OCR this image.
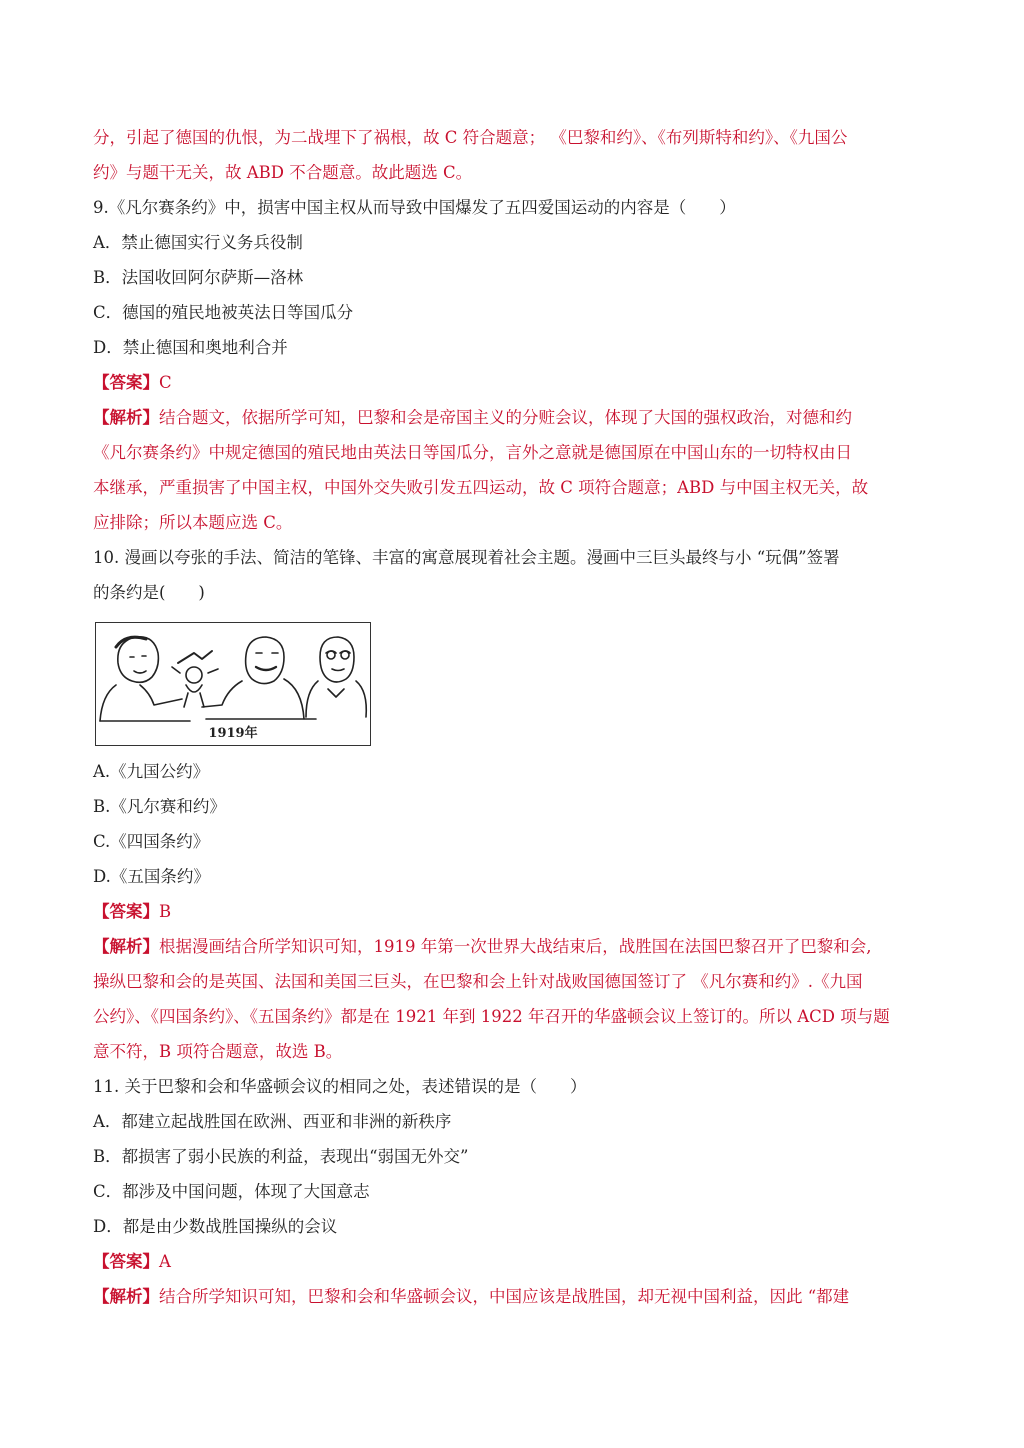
分，引起了德国的仇恨，为二战埋下了祸根，故 C 符合题意； 《巴黎和约》、《布列斯特和约》、《九国公
约》与题干无关，故 ABD 不合题意。故此题选 C。
9.《凡尔赛条约》中，损害中国主权从而导致中国爆发了五四爱国运动的内容是（　　）
A．禁止德国实行义务兵役制
B．法国收回阿尔萨斯—洛林
C．德国的殖民地被英法日等国瓜分
D．禁止德国和奥地利合并
【答案】C
【解析】结合题文，依据所学可知，巴黎和会是帝国主义的分赃会议，体现了大国的强权政治，对德和约
《凡尔赛条约》中规定德国的殖民地由英法日等国瓜分，言外之意就是德国原在中国山东的一切特权由日
本继承，严重损害了中国主权，中国外交失败引发五四运动，故 C 项符合题意；ABD 与中国主权无关，故
应排除；所以本题应选 C。
10. 漫画以夸张的手法、简洁的笔锋、丰富的寓意展现着社会主题。漫画中三巨头最终与小 “玩偶”签署
的条约是(　　)
1919年
A.《九国公约》
B.《凡尔赛和约》
C.《四国条约》
D.《五国条约》
【答案】B
【解析】根据漫画结合所学知识可知，1919 年第一次世界大战结束后，战胜国在法国巴黎召开了巴黎和会,
操纵巴黎和会的是英国、法国和美国三巨头，在巴黎和会上针对战败国德国签订了 《凡尔赛和约》.《九国
公约》、《四国条约》、《五国条约》都是在 1921 年到 1922 年召开的华盛顿会议上签订的。所以 ACD 项与题
意不符，B 项符合题意，故选 B。
11. 关于巴黎和会和华盛顿会议的相同之处，表述错误的是（　　）
A．都建立起战胜国在欧洲、西亚和非洲的新秩序
B．都损害了弱小民族的利益，表现出“弱国无外交”
C．都涉及中国问题，体现了大国意志
D．都是由少数战胜国操纵的会议
【答案】A
【解析】结合所学知识可知，巴黎和会和华盛顿会议，中国应该是战胜国，却无视中国利益，因此 “都建
